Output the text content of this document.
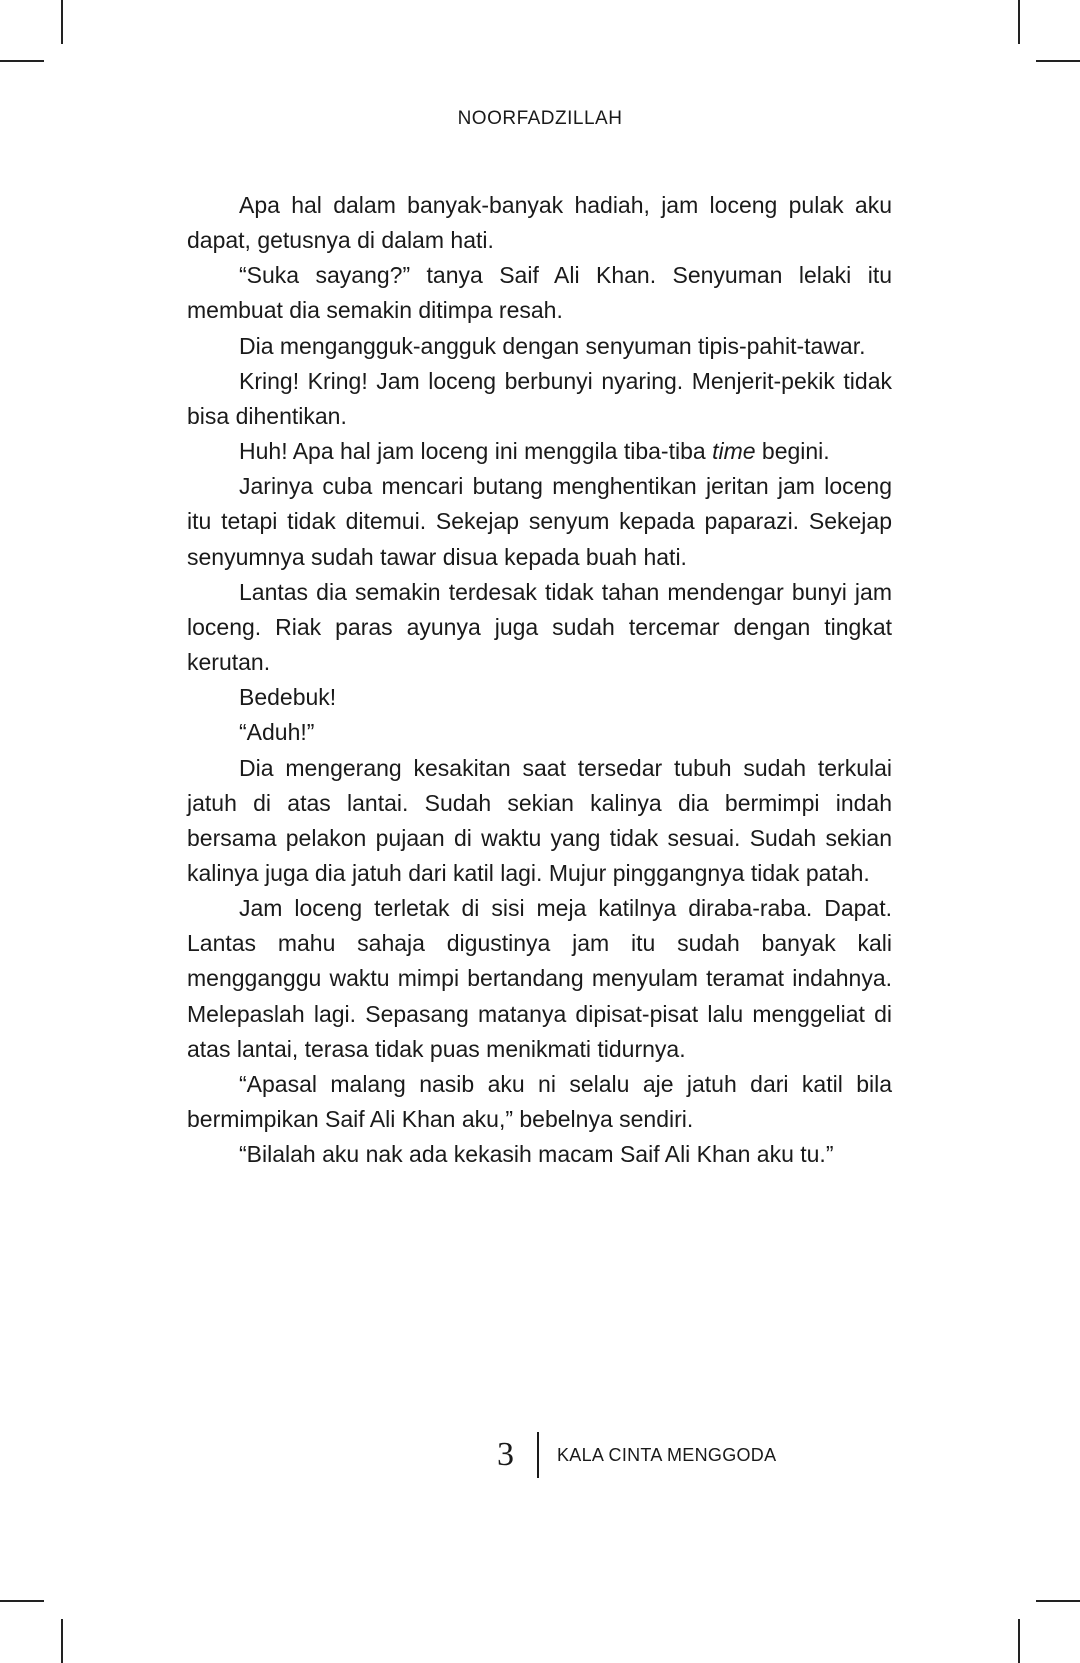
NOORFADZILLAH

Apa hal dalam banyak-banyak hadiah, jam loceng pulak aku dapat, getusnya di dalam hati.

“Suka sayang?” tanya Saif Ali Khan. Senyuman lelaki itu membuat dia semakin ditimpa resah.

Dia mengangguk-angguk dengan senyuman tipis-pahit-tawar.

Kring! Kring! Jam loceng berbunyi nyaring. Menjerit-pekik tidak bisa dihentikan.

Huh! Apa hal jam loceng ini menggila tiba-tiba time begini.

Jarinya cuba mencari butang menghentikan jeritan jam loceng itu tetapi tidak ditemui. Sekejap senyum kepada paparazi. Sekejap senyumnya sudah tawar disua kepada buah hati.

Lantas dia semakin terdesak tidak tahan mendengar bunyi jam loceng. Riak paras ayunya juga sudah tercemar dengan tingkat kerutan.

Bedebuk!

“Aduh!”

Dia mengerang kesakitan saat tersedar tubuh sudah terkulai jatuh di atas lantai. Sudah sekian kalinya dia bermimpi indah bersama pelakon pujaan di waktu yang tidak sesuai. Sudah sekian kalinya juga dia jatuh dari katil lagi. Mujur pinggangnya tidak patah.

Jam loceng terletak di sisi meja katilnya diraba-raba. Dapat. Lantas mahu sahaja digustinya jam itu sudah banyak kali mengganggu waktu mimpi bertandang menyulam teramat indahnya. Melepaslah lagi. Sepasang matanya dipisat-pisat lalu menggeliat di atas lantai, terasa tidak puas menikmati tidurnya.

“Apasal malang nasib aku ni selalu aje jatuh dari katil bila bermimpikan Saif Ali Khan aku,” bebelnya sendiri.

“Bilalah aku nak ada kekasih macam Saif Ali Khan aku tu.”

3 KALA CINTA MENGGODA
